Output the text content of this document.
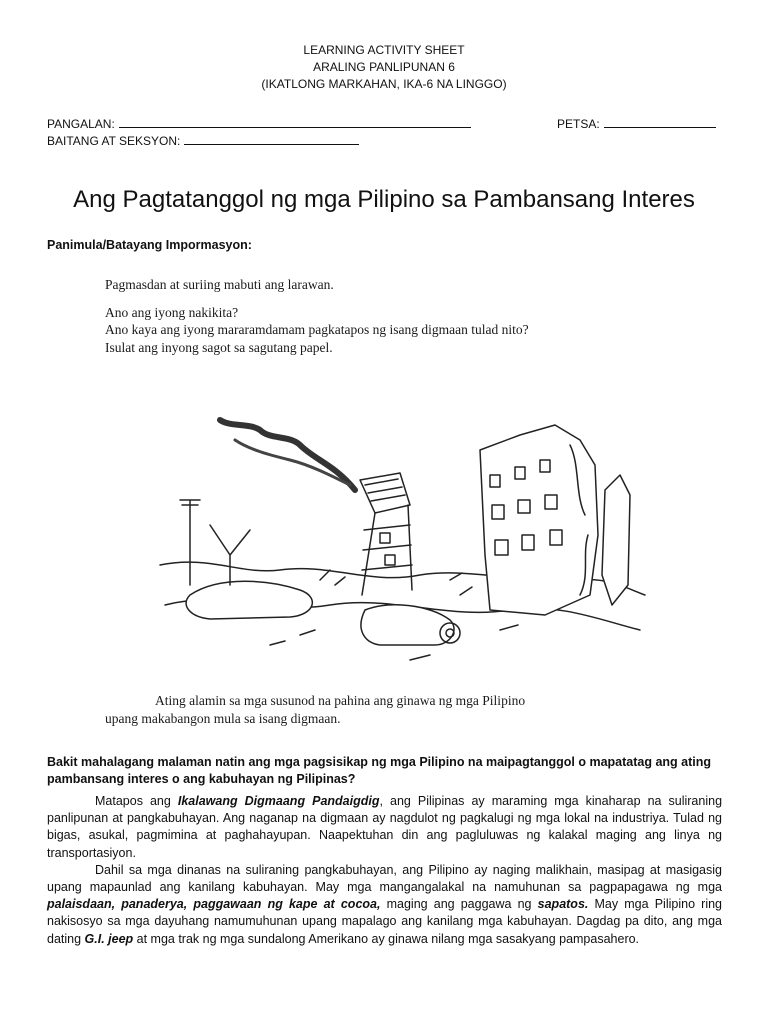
LEARNING ACTIVITY SHEET
ARALING PANLIPUNAN 6
(IKATLONG MARKAHAN, IKA-6 NA LINGGO)
PANGALAN:	PETSA:
BAITANG AT SEKSYON:
Ang Pagtatanggol ng mga Pilipino sa Pambansang Interes
Panimula/Batayang Impormasyon:
Pagmasdan at suriing mabuti ang larawan.
Ano ang iyong nakikita?
Ano kaya ang iyong mararamdamam pagkatapos ng isang digmaan tulad nito?
Isulat ang inyong sagot sa sagutang papel.
Ating alamin sa mga susunod na pahina ang ginawa ng mga Pilipino
upang makabangon mula sa isang digmaan.
Bakit mahalagang malaman natin ang mga pagsisikap ng mga Pilipino na maipagtanggol o mapatatag ang ating pambansang interes o ang kabuhayan ng Pilipinas?

Matapos ang Ikalawang Digmaang Pandaigdig, ang Pilipinas ay maraming mga kinaharap na suliraning panlipunan at pangkabuhayan. Ang naganap na digmaan ay nagdulot ng pagkalugi ng mga lokal na industriya. Tulad ng bigas, asukal, pagmimina at paghahayupan. Naapektuhan din ang pagluluwas ng kalakal maging ang linya ng transportasiyon.

Dahil sa mga dinanas na suliraning pangkabuhayan, ang Pilipino ay naging malikhain, masipag at masigasig upang mapaunlad ang kanilang kabuhayan. May mga mangangalakal na namuhunan sa pagpapagawa ng mga palaisdaan, panaderya, paggawaan ng kape at cocoa, maging ang paggawa ng sapatos. May mga Pilipino ring nakisosyo sa mga dayuhang namumuhunan upang mapalago ang kanilang mga kabuhayan. Dagdag pa dito, ang mga dating G.I. jeep at mga trak ng mga sundalong Amerikano ay ginawa nilang mga sasakyang pampasahero.
